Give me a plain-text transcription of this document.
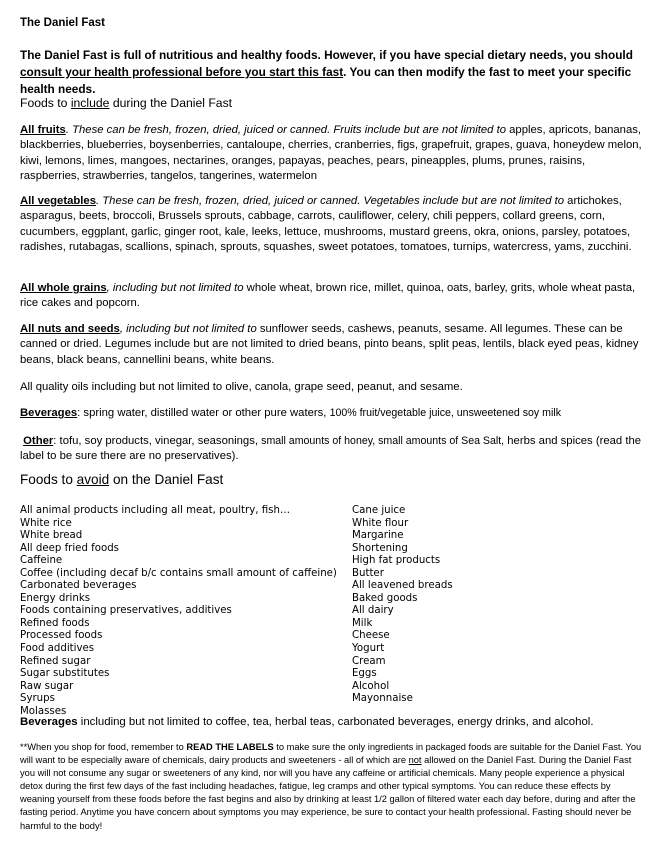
The Daniel Fast
The Daniel Fast is full of nutritious and healthy foods. However, if you have special dietary needs, you should consult your health professional before you start this fast. You can then modify the fast to meet your specific health needs.
Foods to include during the Daniel Fast
All fruits. These can be fresh, frozen, dried, juiced or canned. Fruits include but are not limited to apples, apricots, bananas, blackberries, blueberries, boysenberries, cantaloupe, cherries, cranberries, figs, grapefruit, grapes, guava, honeydew melon, kiwi, lemons, limes, mangoes, nectarines, oranges, papayas, peaches, pears, pineapples, plums, prunes, raisins, raspberries, strawberries, tangelos, tangerines, watermelon
All vegetables. These can be fresh, frozen, dried, juiced or canned. Vegetables include but are not limited to artichokes, asparagus, beets, broccoli, Brussels sprouts, cabbage, carrots, cauliflower, celery, chili peppers, collard greens, corn, cucumbers, eggplant, garlic, ginger root, kale, leeks, lettuce, mushrooms, mustard greens, okra, onions, parsley, potatoes, radishes, rutabagas, scallions, spinach, sprouts, squashes, sweet potatoes, tomatoes, turnips, watercress, yams, zucchini.
All whole grains, including but not limited to whole wheat, brown rice, millet, quinoa, oats, barley, grits, whole wheat pasta, rice cakes and popcorn.
All nuts and seeds, including but not limited to sunflower seeds, cashews, peanuts, sesame. All legumes. These can be canned or dried. Legumes include but are not limited to dried beans, pinto beans, split peas, lentils, black eyed peas, kidney beans, black beans, cannellini beans, white beans.
All quality oils including but not limited to olive, canola, grape seed, peanut, and sesame.
Beverages: spring water, distilled water or other pure waters, 100% fruit/vegetable juice, unsweetened soy milk
Other: tofu, soy products, vinegar, seasonings, small amounts of honey, small amounts of Sea Salt, herbs and spices (read the label to be sure there are no preservatives).
Foods to avoid on the Daniel Fast
All animal products including all meat, poultry, fish…
White rice
White bread
All deep fried foods
Caffeine
Coffee (including decaf b/c contains small amount of caffeine)
Carbonated beverages
Energy drinks
Foods containing preservatives, additives
Refined foods
Processed foods
Food additives
Refined sugar
Sugar substitutes
Raw sugar
Syrups
Molasses
Cane juice
White flour
Margarine
Shortening
High fat products
Butter
All leavened breads
Baked goods
All dairy
Milk
Cheese
Yogurt
Cream
Eggs
Alcohol
Mayonnaise
Beverages including but not limited to coffee, tea, herbal teas, carbonated beverages, energy drinks, and alcohol.
**When you shop for food, remember to READ THE LABELS to make sure the only ingredients in packaged foods are suitable for the Daniel Fast. You will want to be especially aware of chemicals, dairy products and sweeteners - all of which are not allowed on the Daniel Fast. During the Daniel Fast you will not consume any sugar or sweeteners of any kind, nor will you have any caffeine or artificial chemicals. Many people experience a physical detox during the first few days of the fast including headaches, fatigue, leg cramps and other typical symptoms. You can reduce these effects by weaning yourself from these foods before the fast begins and also by drinking at least 1/2 gallon of filtered water each day before, during and after the fasting period. Anytime you have concern about symptoms you may experience, be sure to contact your health professional. Fasting should never be harmful to the body!
